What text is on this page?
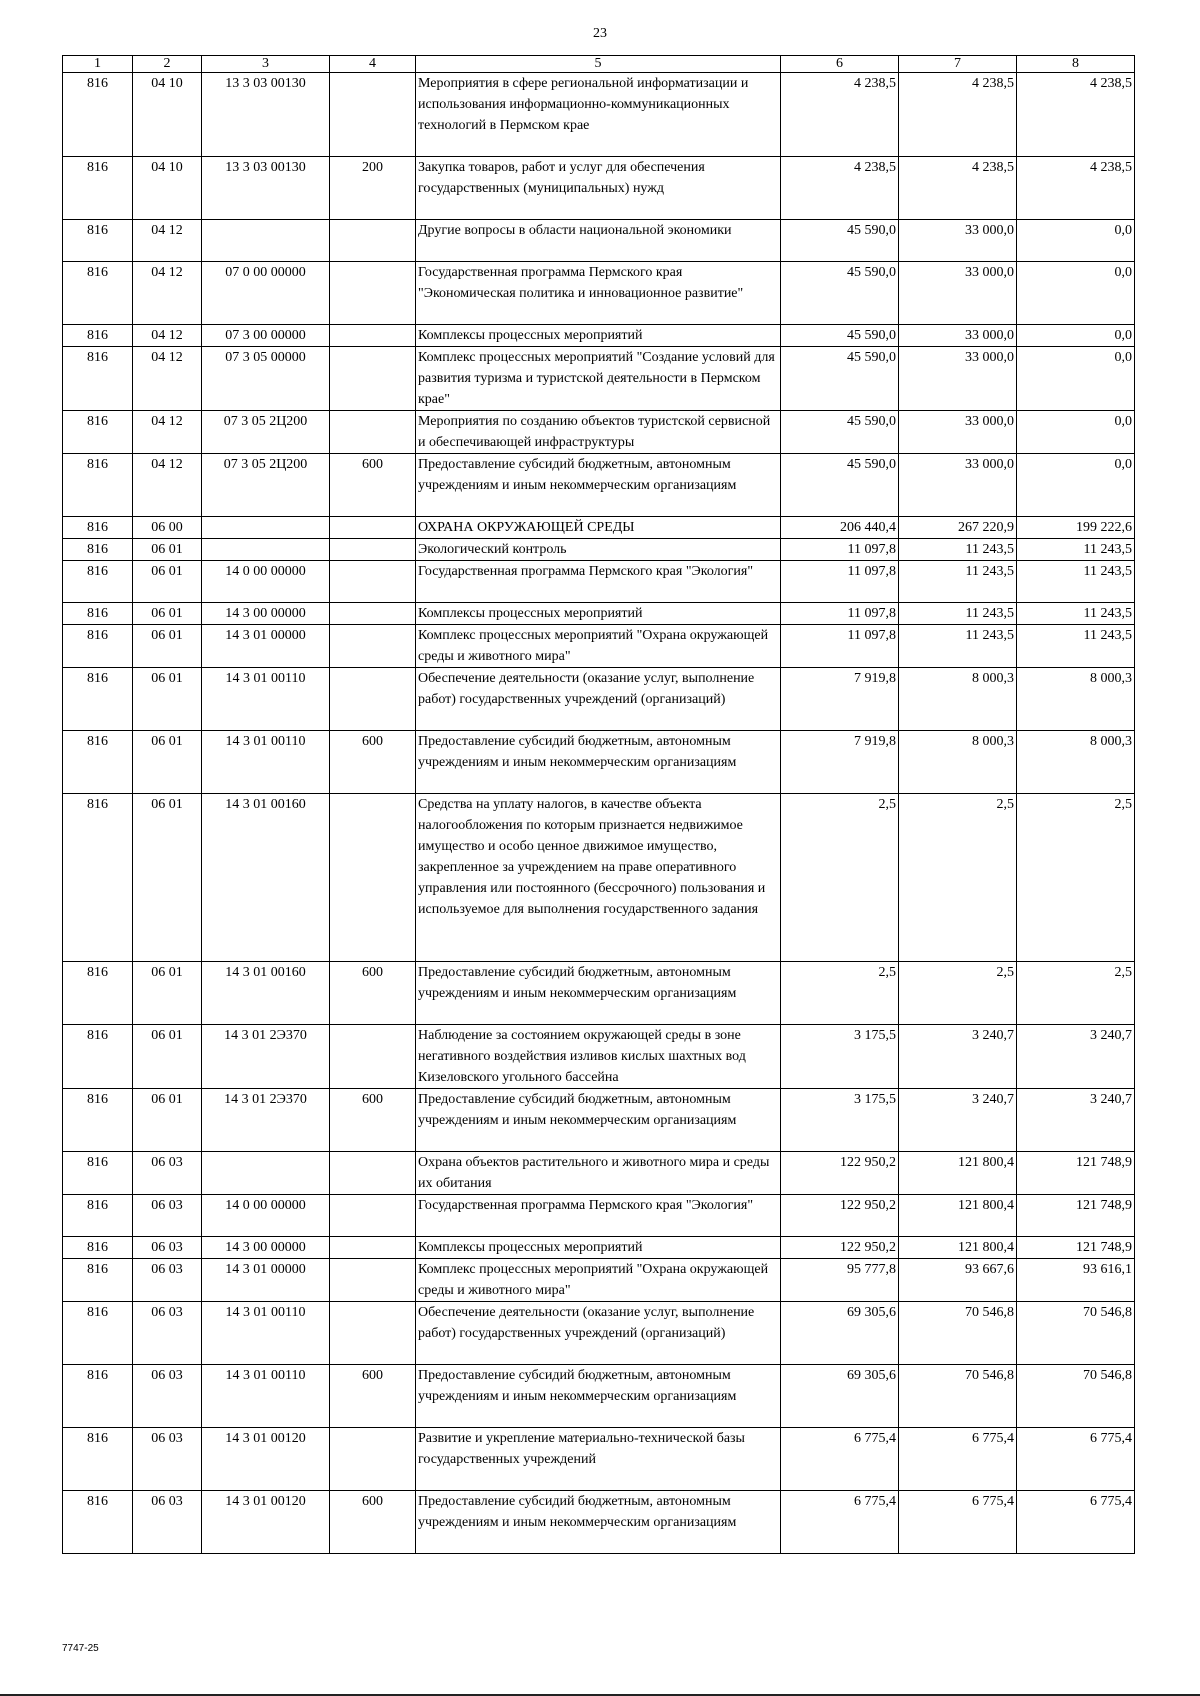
23
1	2	3	4	5	6	7	8
816	04 10	13 3 03 00130		Мероприятия в сфере региональной информатизации и использования информационно-коммуникационных технологий в Пермском крае	4 238,5	4 238,5	4 238,5
816	04 10	13 3 03 00130	200	Закупка товаров, работ и услуг для обеспечения государственных (муниципальных) нужд	4 238,5	4 238,5	4 238,5
816	04 12			Другие вопросы в области национальной экономики	45 590,0	33 000,0	0,0
816	04 12	07 0 00 00000		Государственная программа Пермского края "Экономическая политика и инновационное развитие"	45 590,0	33 000,0	0,0
816	04 12	07 3 00 00000		Комплексы процессных мероприятий	45 590,0	33 000,0	0,0
816	04 12	07 3 05 00000		Комплекс процессных мероприятий "Создание условий для развития туризма и туристской деятельности в Пермском крае"	45 590,0	33 000,0	0,0
816	04 12	07 3 05 2Ц200		Мероприятия по созданию объектов туристской сервисной и обеспечивающей инфраструктуры	45 590,0	33 000,0	0,0
816	04 12	07 3 05 2Ц200	600	Предоставление субсидий бюджетным, автономным учреждениям и иным некоммерческим организациям	45 590,0	33 000,0	0,0
816	06 00			ОХРАНА ОКРУЖАЮЩЕЙ СРЕДЫ	206 440,4	267 220,9	199 222,6
816	06 01			Экологический контроль	11 097,8	11 243,5	11 243,5
816	06 01	14 0 00 00000		Государственная программа Пермского края "Экология"	11 097,8	11 243,5	11 243,5
816	06 01	14 3 00 00000		Комплексы процессных мероприятий	11 097,8	11 243,5	11 243,5
816	06 01	14 3 01 00000		Комплекс процессных мероприятий "Охрана окружающей среды и животного мира"	11 097,8	11 243,5	11 243,5
816	06 01	14 3 01 00110		Обеспечение деятельности (оказание услуг, выполнение работ) государственных учреждений (организаций)	7 919,8	8 000,3	8 000,3
816	06 01	14 3 01 00110	600	Предоставление субсидий бюджетным, автономным учреждениям и иным некоммерческим организациям	7 919,8	8 000,3	8 000,3
816	06 01	14 3 01 00160		Средства на уплату налогов, в качестве объекта налогообложения по которым признается недвижимое имущество и особо ценное движимое имущество, закрепленное за учреждением на праве оперативного управления или постоянного (бессрочного) пользования и используемое для выполнения государственного задания	2,5	2,5	2,5
816	06 01	14 3 01 00160	600	Предоставление субсидий бюджетным, автономным учреждениям и иным некоммерческим организациям	2,5	2,5	2,5
816	06 01	14 3 01 2Э370		Наблюдение за состоянием окружающей среды в зоне негативного воздействия изливов кислых шахтных вод Кизеловского угольного бассейна	3 175,5	3 240,7	3 240,7
816	06 01	14 3 01 2Э370	600	Предоставление субсидий бюджетным, автономным учреждениям и иным некоммерческим организациям	3 175,5	3 240,7	3 240,7
816	06 03			Охрана объектов растительного и животного мира и среды их обитания	122 950,2	121 800,4	121 748,9
816	06 03	14 0 00 00000		Государственная программа Пермского края "Экология"	122 950,2	121 800,4	121 748,9
816	06 03	14 3 00 00000		Комплексы процессных мероприятий	122 950,2	121 800,4	121 748,9
816	06 03	14 3 01 00000		Комплекс процессных мероприятий "Охрана окружающей среды и животного мира"	95 777,8	93 667,6	93 616,1
816	06 03	14 3 01 00110		Обеспечение деятельности (оказание услуг, выполнение работ) государственных учреждений (организаций)	69 305,6	70 546,8	70 546,8
816	06 03	14 3 01 00110	600	Предоставление субсидий бюджетным, автономным учреждениям и иным некоммерческим организациям	69 305,6	70 546,8	70 546,8
816	06 03	14 3 01 00120		Развитие и укрепление материально-технической базы государственных учреждений	6 775,4	6 775,4	6 775,4
816	06 03	14 3 01 00120	600	Предоставление субсидий бюджетным, автономным учреждениям и иным некоммерческим организациям	6 775,4	6 775,4	6 775,4
7747-25
